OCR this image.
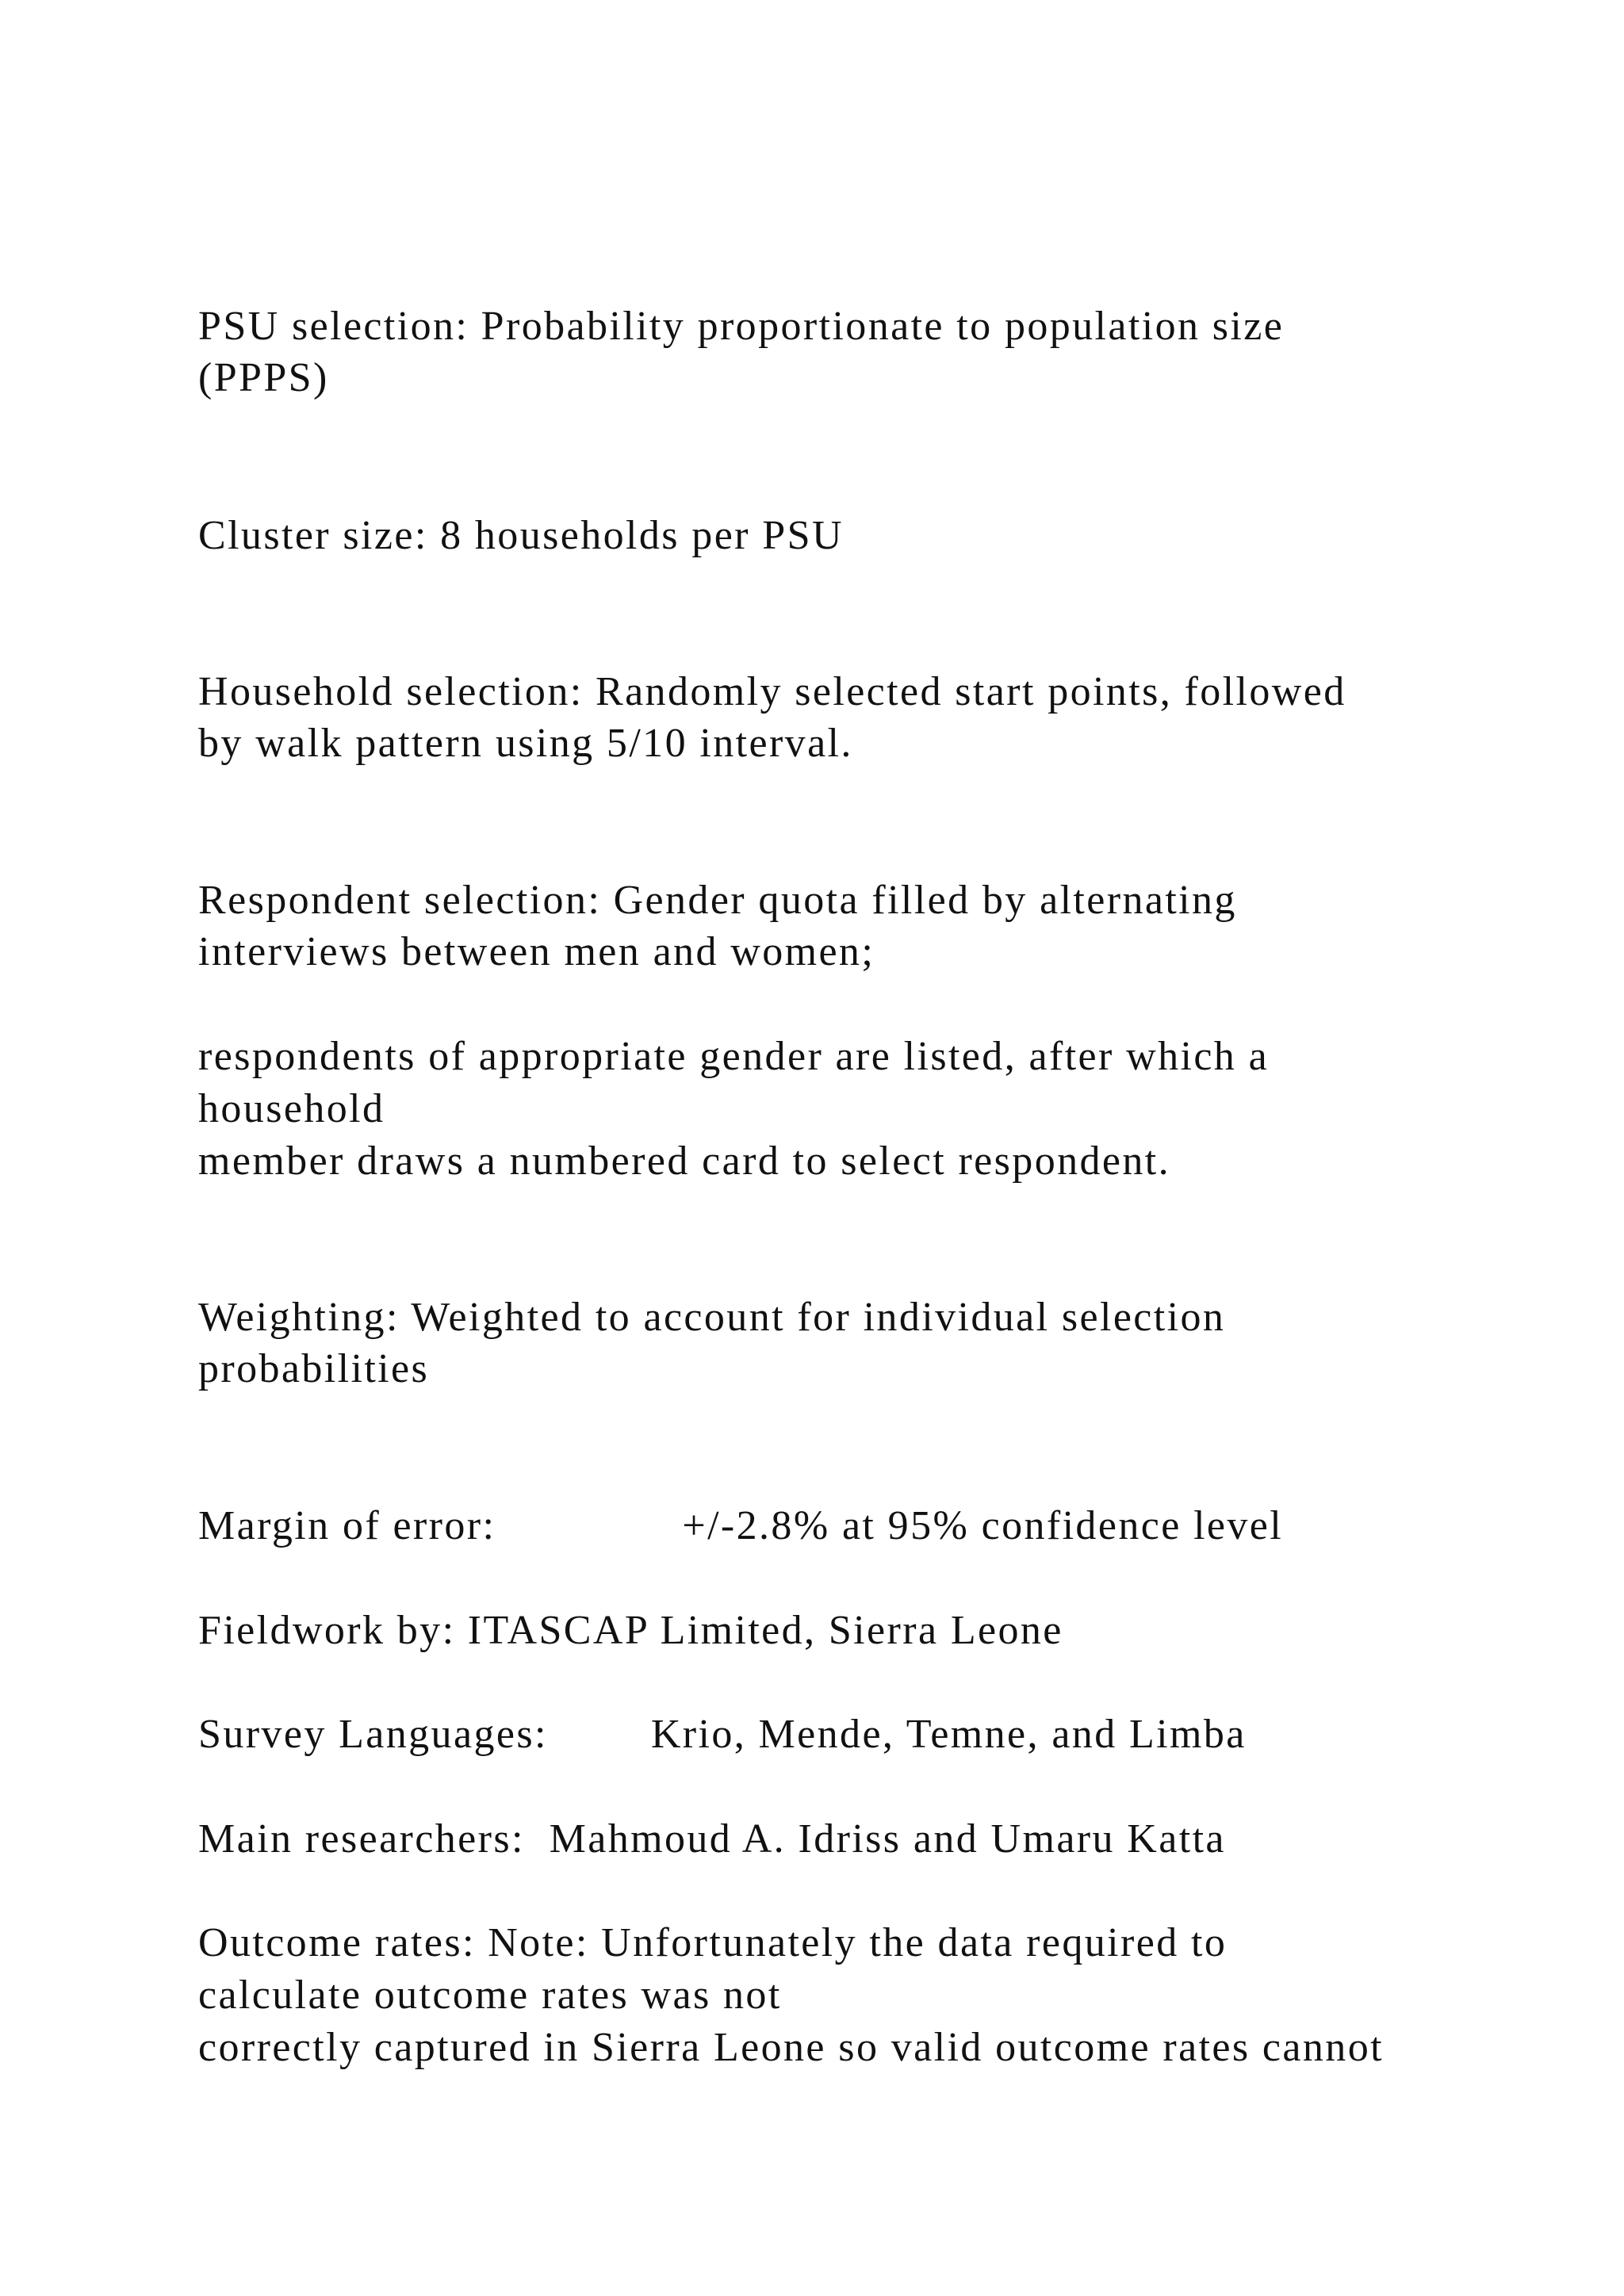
PSU selection: Probability proportionate to population size
(PPPS)
Cluster size: 8 households per PSU
Household selection: Randomly selected start points, followed
by walk pattern using 5/10 interval.
Respondent selection: Gender quota filled by alternating
interviews between men and women;
respondents of appropriate gender are listed, after which a
household
member draws a numbered card to select respondent.
Weighting: Weighted to account for individual selection
probabilities
Margin of error:	+/-2.8% at 95% confidence level
Fieldwork by: ITASCAP Limited, Sierra Leone
Survey Languages:	Krio, Mende, Temne, and Limba
Main researchers:  Mahmoud A. Idriss and Umaru Katta
Outcome rates: Note: Unfortunately the data required to
calculate outcome rates was not
correctly captured in Sierra Leone so valid outcome rates cannot
